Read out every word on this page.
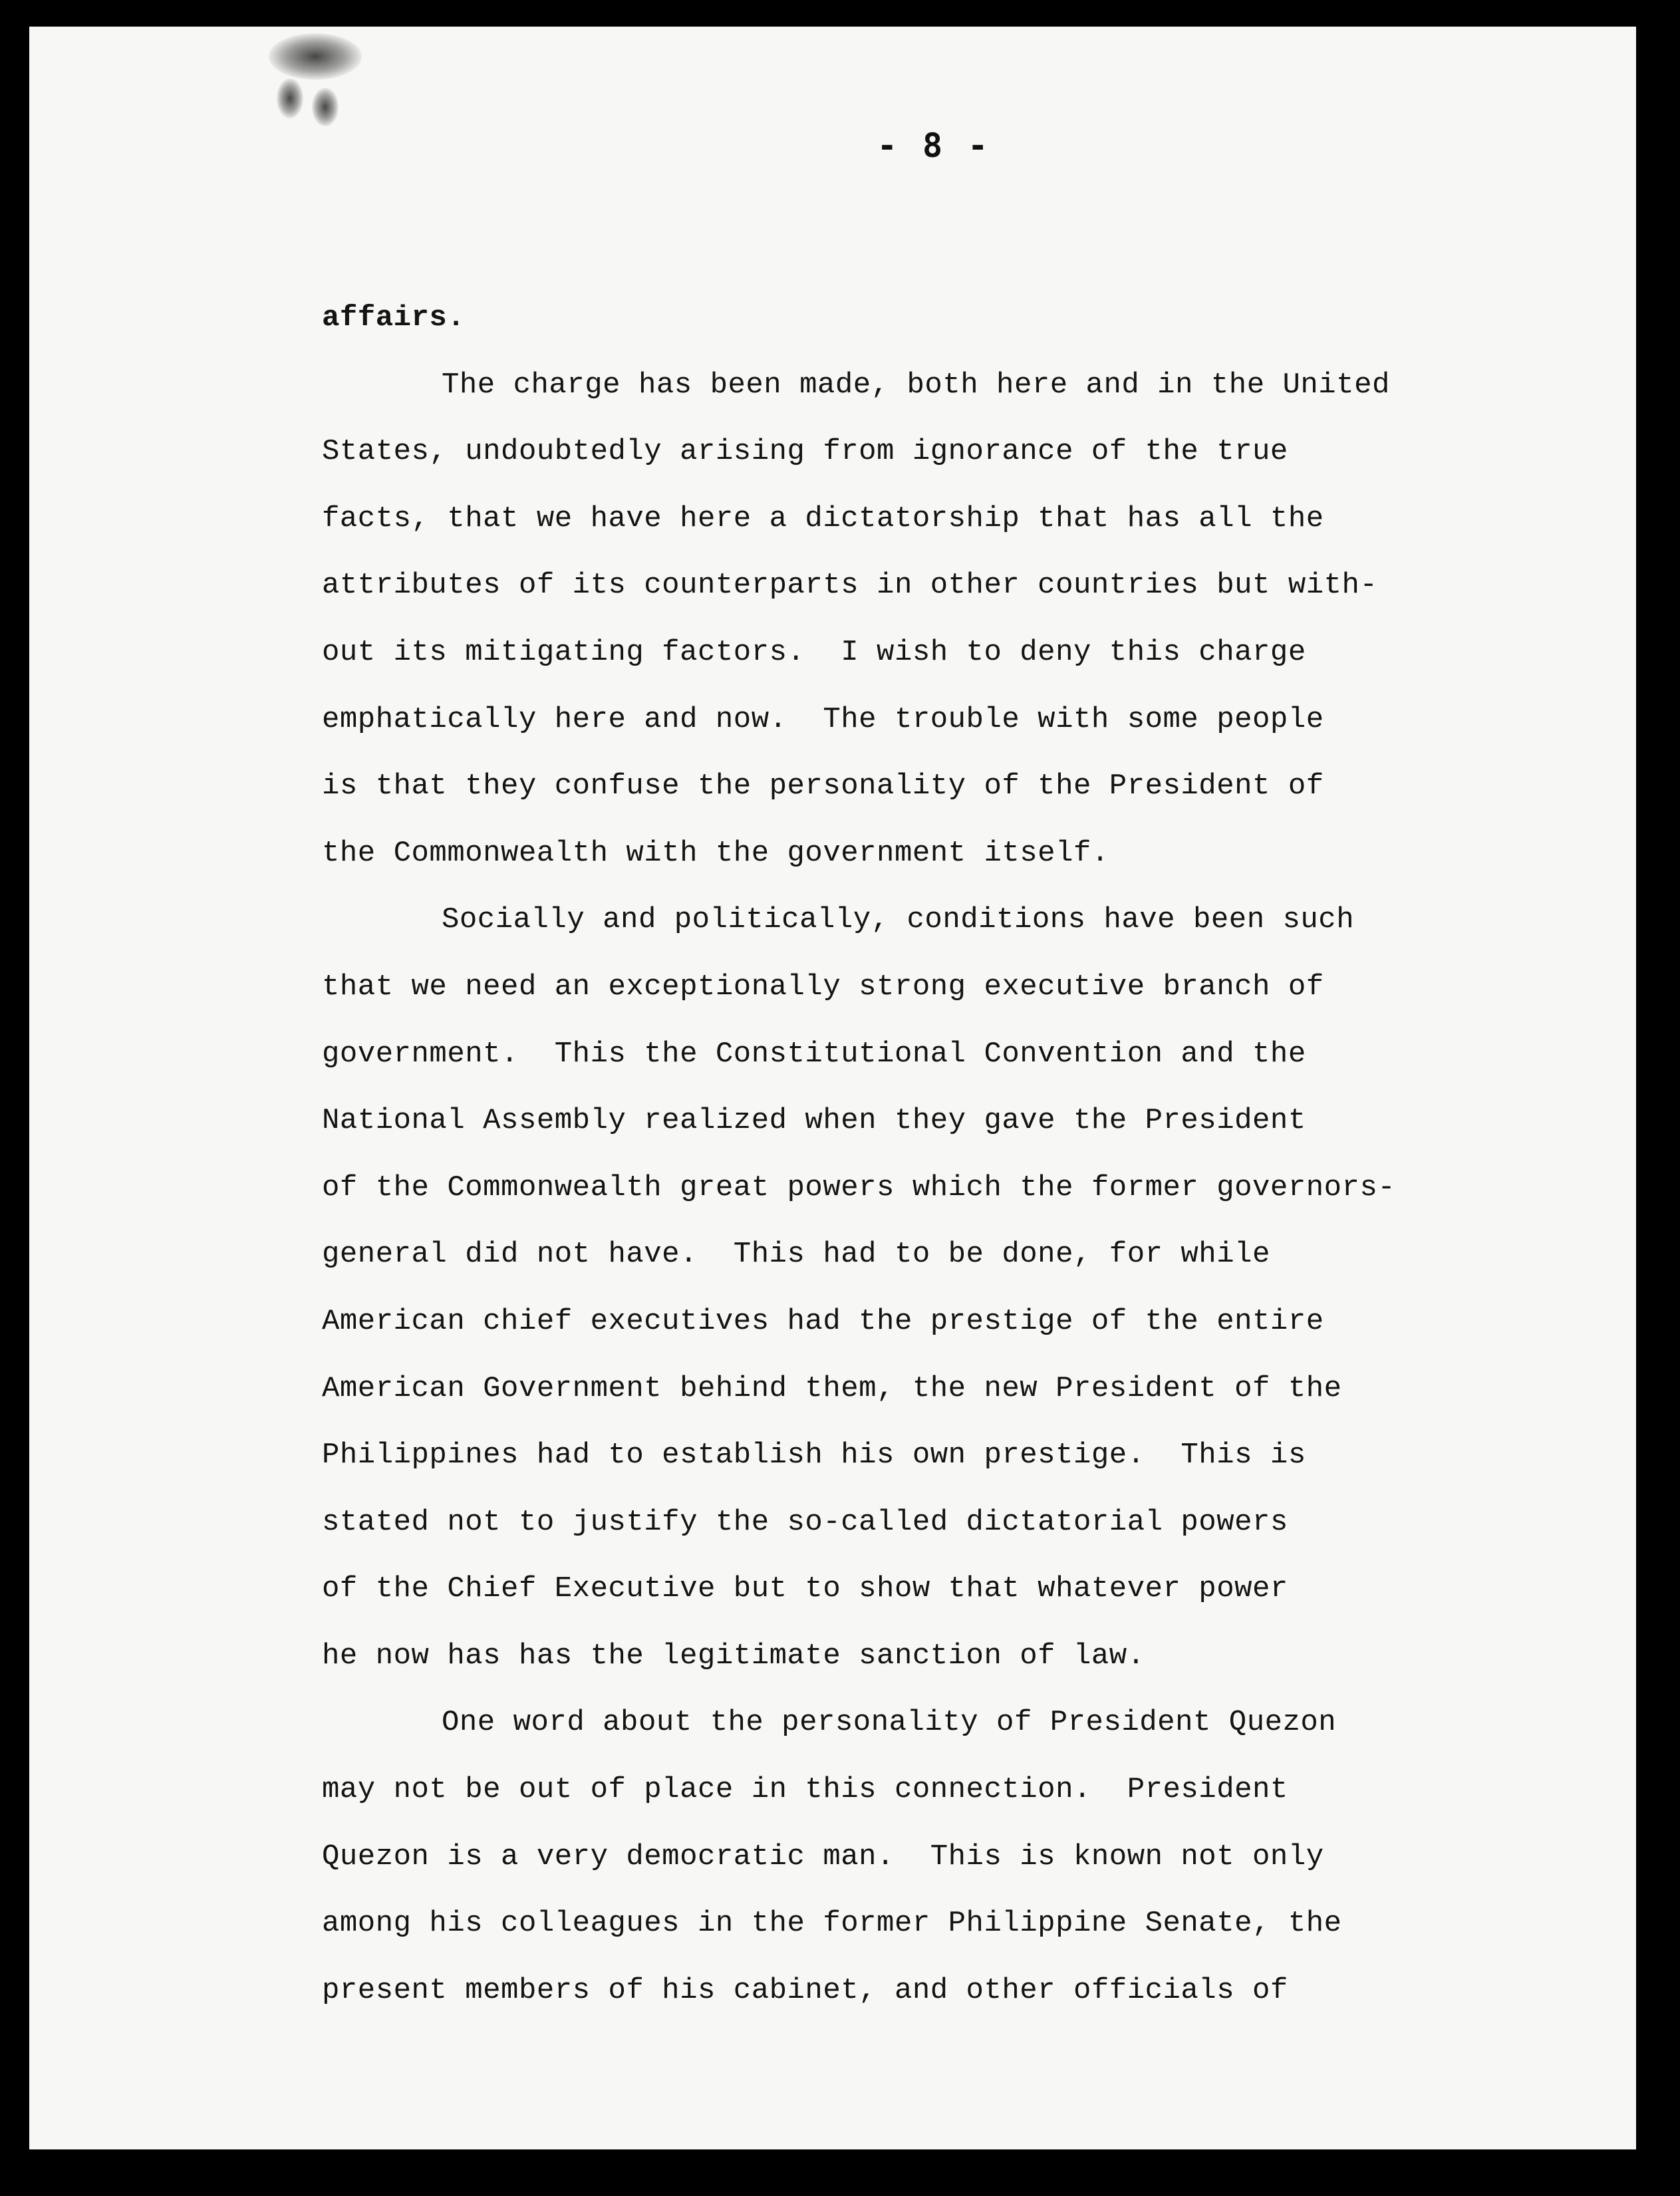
- 8 -
affairs.
The charge has been made, both here and in the United
States, undoubtedly arising from ignorance of the true
facts, that we have here a dictatorship that has all the
attributes of its counterparts in other countries but with-
out its mitigating factors.  I wish to deny this charge
emphatically here and now.  The trouble with some people
is that they confuse the personality of the President of
the Commonwealth with the government itself.
Socially and politically, conditions have been such
that we need an exceptionally strong executive branch of
government.  This the Constitutional Convention and the
National Assembly realized when they gave the President
of the Commonwealth great powers which the former governors-
general did not have.  This had to be done, for while
American chief executives had the prestige of the entire
American Government behind them, the new President of the
Philippines had to establish his own prestige.  This is
stated not to justify the so-called dictatorial powers
of the Chief Executive but to show that whatever power
he now has has the legitimate sanction of law.
One word about the personality of President Quezon
may not be out of place in this connection.  President
Quezon is a very democratic man.  This is known not only
among his colleagues in the former Philippine Senate, the
present members of his cabinet, and other officials of
